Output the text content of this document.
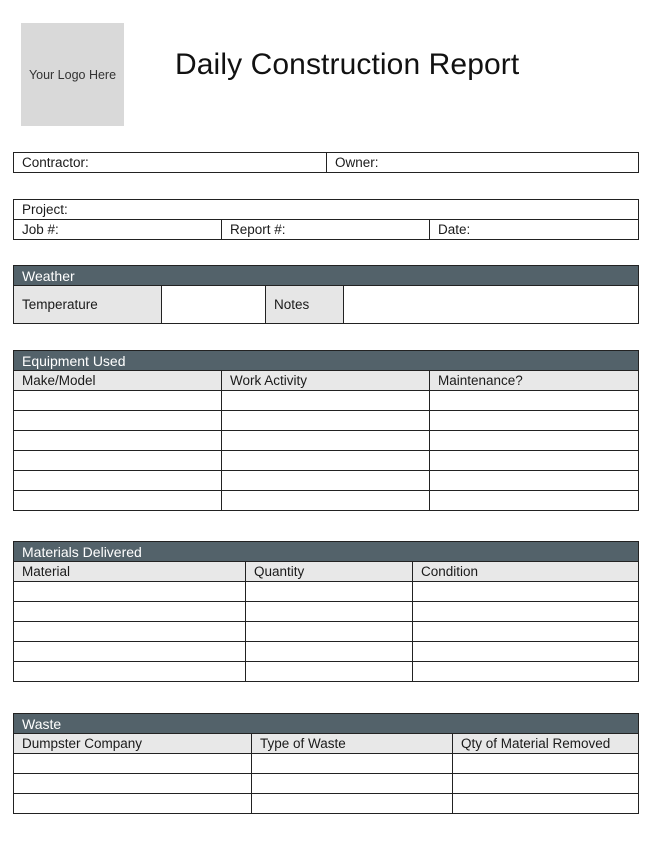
Your Logo Here Daily Construction Report
Contractor:	Owner:
Project:
Job #:	Report #:	Date:
Weather
Temperature		Notes	
Equipment Used		
Make/Model	Work Activity	Maintenance?

Materials Delivered		
Material	Quantity	Condition

Waste		
Dumpster Company	Type of Waste	Qty of Material Removed
